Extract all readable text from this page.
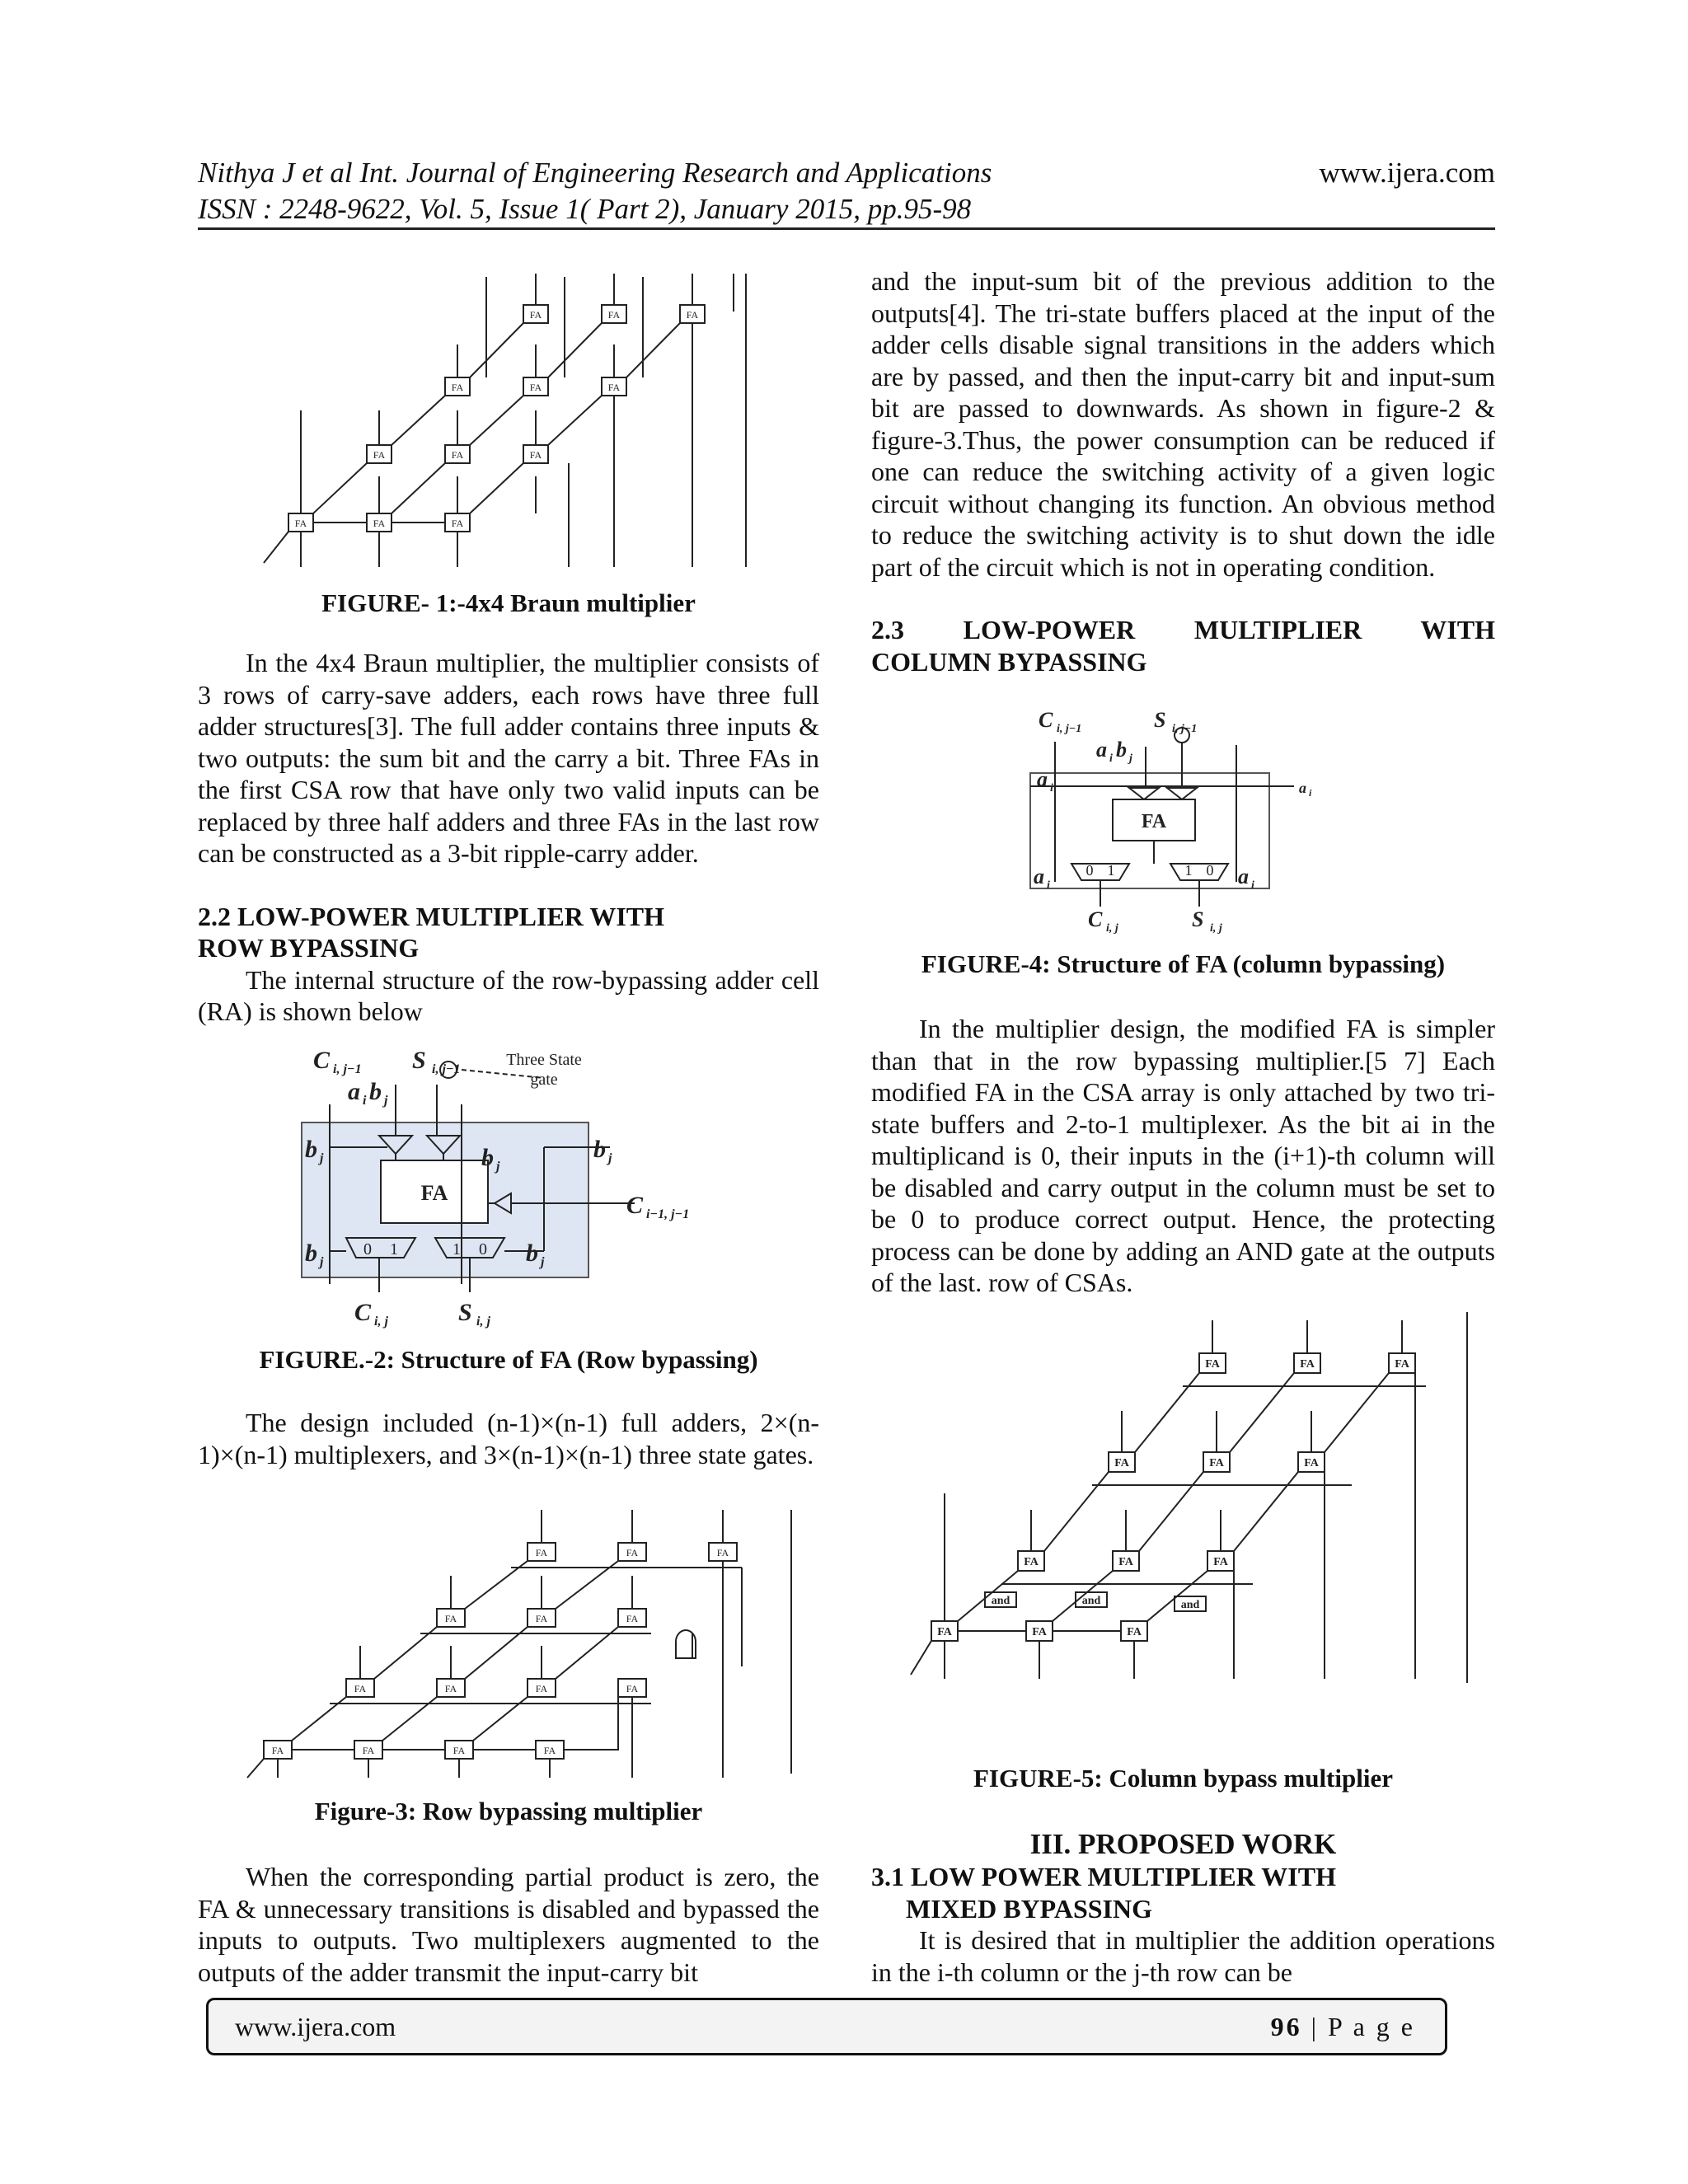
Nithya J et al Int. Journal of Engineering Research and Applications
ISSN : 2248-9622, Vol. 5, Issue 1( Part 2), January 2015, pp.95-98
www.ijera.com
FA	FA	FA
FA	FA	FA
FA	FA	FA
FA	FA	FA
FIGURE- 1:-4x4 Braun multiplier

In the 4x4 Braun multiplier, the multiplier consists of 3 rows of carry-save adders, each rows have three full adder structures[3]. The full adder contains three inputs & two outputs: the sum bit and the carry a bit. Three FAs in the first CSA row that have only two valid inputs can be replaced by three half adders and three FAs in the last row can be constructed as a 3-bit ripple-carry adder.

2.2 LOW-POWER MULTIPLIER WITH
ROW BYPASSING

The internal structure of the row-bypassing adder cell (RA) is shown below

C i, j−1 S i, j−1
a i b j
b j	b j
b j
C i−1, j−1
b j	b j
C i, j	S i, j
FA
0 1	1 0
Three State
gate
FIGURE.-2: Structure of FA (Row bypassing)

The design included (n-1)×(n-1) full adders, 2×(n-1)×(n-1) multiplexers, and 3×(n-1)×(n-1) three state gates.

FA	FA	FA
FA	FA	FA
FA	FA	FA	FA
FA	FA	FA	FA
Figure-3: Row bypassing multiplier

When the corresponding partial product is zero, the FA & unnecessary transitions is disabled and bypassed the inputs to outputs. Two multiplexers augmented to the outputs of the adder transmit the input-carry bit

and the input-sum bit of the previous addition to the outputs[4]. The tri-state buffers placed at the input of the adder cells disable signal transitions in the adders which are by passed, and then the input-carry bit and input-sum bit are passed to downwards. As shown in figure-2 & figure-3.Thus, the power consumption can be reduced if one can reduce the switching activity of a given logic circuit without changing its function. An obvious method to reduce the switching activity is to shut down the idle part of the circuit which is not in operating condition.

2.3 LOW-POWER MULTIPLIER WITH

COLUMN BYPASSING

C i, j−1	S i, j−1
a i b j
a i	a i
a i	a i
C i, j	S i, j
FA
0 1	1 0
FIGURE-4: Structure of FA (column bypassing)

In the multiplier design, the modified FA is simpler than that in the row bypassing multiplier.[5 7] Each modified FA in the CSA array is only attached by two tri-state buffers and 2-to-1 multiplexer. As the bit ai in the multiplicand is 0, their inputs in the (i+1)-th column will be disabled and carry output in the column must be set to be 0 to produce correct output. Hence, the protecting process can be done by adding an AND gate at the outputs of the last. row of CSAs.

FA	FA	FA
FA	FA	FA
FA	FA	FA
FA	FA	FA
and	and	and
FIGURE-5: Column bypass multiplier

III. PROPOSED WORK

3.1 LOW POWER MULTIPLIER WITH
MIXED BYPASSING

It is desired that in multiplier the addition operations in the i-th column or the j-th row can be

www.ijera.com	96 | P a g e
